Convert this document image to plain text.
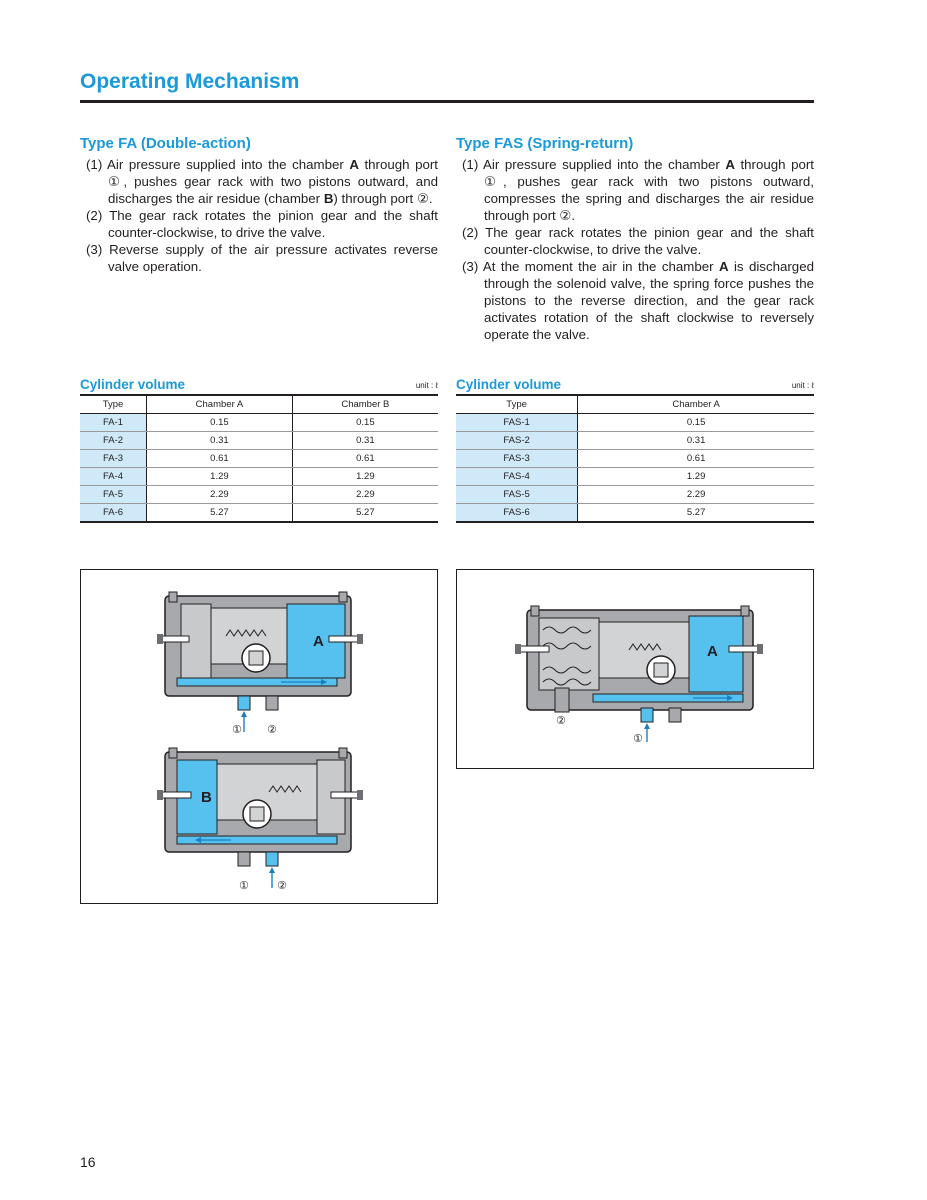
Operating Mechanism
Type FA (Double-action)
(1) Air pressure supplied into the chamber A through port ①, pushes gear rack with two pistons outward, and discharges the air residue (chamber B) through port ②.
(2) The gear rack rotates the pinion gear and the shaft counter-clockwise, to drive the valve.
(3) Reverse supply of the air pressure activates reverse valve operation.
Type FAS (Spring-return)
(1) Air pressure supplied into the chamber A through port ①, pushes gear rack with two pistons outward, compresses the spring and discharges the air residue through port ②.
(2) The gear rack rotates the pinion gear and the shaft counter-clockwise, to drive the valve.
(3) At the moment the air in the chamber A is discharged through the solenoid valve, the spring force pushes the pistons to the reverse direction, and the gear rack activates rotation of the shaft clockwise to reversely operate the valve.
Cylinder volume	unit : ℓ
Type	Chamber A	Chamber B
FA-1	0.15	0.15
FA-2	0.31	0.31
FA-3	0.61	0.61
FA-4	1.29	1.29
FA-5	2.29	2.29
FA-6	5.27	5.27
Cylinder volume	unit : ℓ
Type	Chamber A
FAS-1	0.15
FAS-2	0.31
FAS-3	0.61
FAS-4	1.29
FAS-5	2.29
FAS-6	5.27
A
① ②
B
①	②
A
②
①
16
